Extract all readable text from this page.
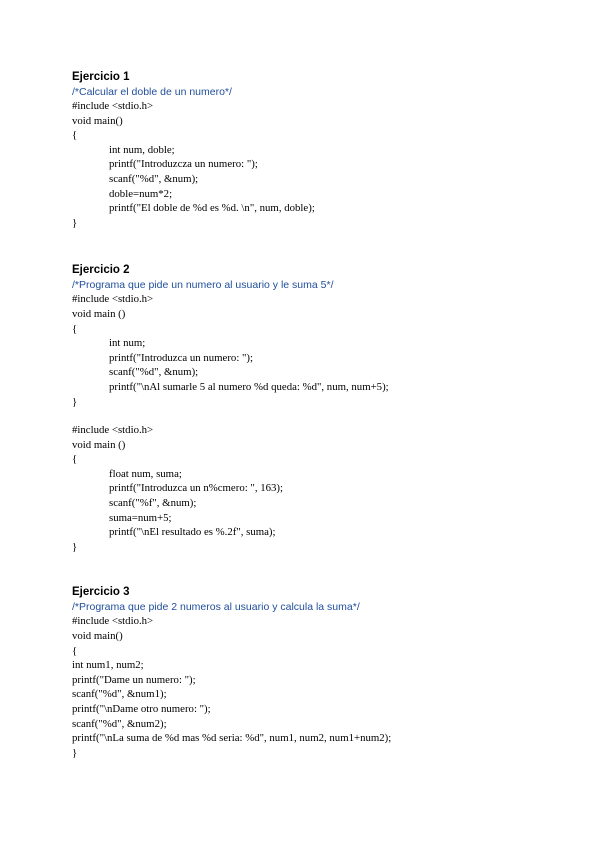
Ejercicio 1
/*Calcular el doble de un numero*/
#include <stdio.h>
void main()
{
int num, doble;
printf("Introduzcza un numero: ");
scanf("%d", &num);
doble=num*2;
printf("El doble de %d es %d. \n", num, doble);
}
Ejercicio 2
/*Programa que pide un numero al usuario y le suma 5*/
#include <stdio.h>
void main ()
{
int num;
printf("Introduzca un numero: ");
scanf("%d", &num);
printf("\nAl sumarle 5 al numero %d queda: %d", num, num+5);
}
#include <stdio.h>
void main ()
{
float num, suma;
printf("Introduzca un n%cmero: ", 163);
scanf("%f", &num);
suma=num+5;
printf("\nEl resultado es %.2f", suma);
}
Ejercicio 3
/*Programa que pide 2 numeros al usuario y calcula la suma*/
#include <stdio.h>
void main()
{
int num1, num2;
printf("Dame un numero: ");
scanf("%d", &num1);
printf("\nDame otro numero: ");
scanf("%d", &num2);
printf("\nLa suma de %d mas %d seria: %d", num1, num2, num1+num2);
}
